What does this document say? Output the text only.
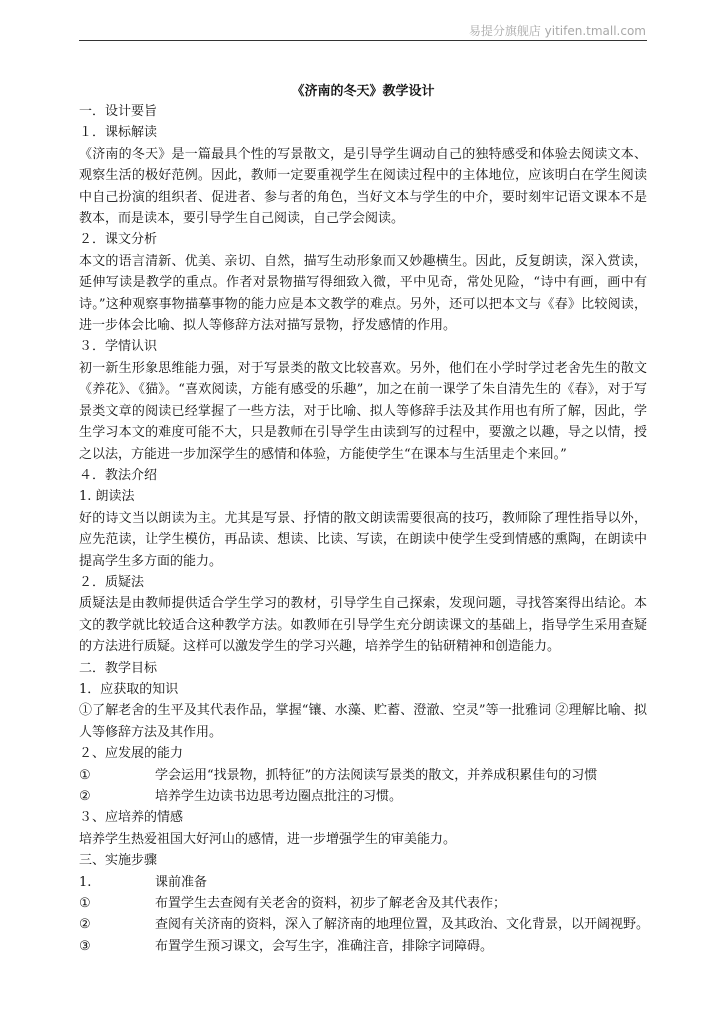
易提分旗舰店 yitifen.tmall.com
《济南的冬天》教学设计

一．设计要旨

１．课标解读

《济南的冬天》是一篇最具个性的写景散文，是引导学生调动自己的独特感受和体验去阅读文本、观察生活的极好范例。因此，教师一定要重视学生在阅读过程中的主体地位，应该明白在学生阅读中自己扮演的组织者、促进者、参与者的角色，当好文本与学生的中介，要时刻牢记语文课本不是教本，而是读本，要引导学生自己阅读，自己学会阅读。

２．课文分析

本文的语言清新、优美、亲切、自然，描写生动形象而又妙趣横生。因此，反复朗读，深入赏读，延伸写读是教学的重点。作者对景物描写得细致入微，平中见奇，常处见险，“诗中有画，画中有诗。”这种观察事物描摹事物的能力应是本文教学的难点。另外，还可以把本文与《春》比较阅读，进一步体会比喻、拟人等修辞方法对描写景物，抒发感情的作用。

３．学情认识

初一新生形象思维能力强，对于写景类的散文比较喜欢。另外，他们在小学时学过老舍先生的散文《养花》、《猫》。“喜欢阅读，方能有感受的乐趣”，加之在前一课学了朱自清先生的《春》，对于写景类文章的阅读已经掌握了一些方法，对于比喻、拟人等修辞手法及其作用也有所了解，因此，学生学习本文的难度可能不大，只是教师在引导学生由读到写的过程中，要激之以趣，导之以情，授之以法，方能进一步加深学生的感情和体验，方能使学生“在课本与生活里走个来回。”

４．教法介绍

1. 朗读法

好的诗文当以朗读为主。尤其是写景、抒情的散文朗读需要很高的技巧，教师除了理性指导以外，应先范读，让学生模仿，再品读、想读、比读、写读，在朗读中使学生受到情感的熏陶，在朗读中提高学生多方面的能力。

２．质疑法

质疑法是由教师提供适合学生学习的教材，引导学生自己探索，发现问题，寻找答案得出结论。本文的教学就比较适合这种教学方法。如教师在引导学生充分朗读课文的基础上，指导学生采用查疑的方法进行质疑。这样可以激发学生的学习兴趣，培养学生的钻研精神和创造能力。

二．教学目标

1．应获取的知识

①了解老舍的生平及其代表作品，掌握“镶、水藻、贮蓄、澄澈、空灵”等一批雅词 ②理解比喻、拟人等修辞方法及其作用。

２、应发展的能力

①	学会运用“找景物，抓特征”的方法阅读写景类的散文，并养成积累佳句的习惯
②	培养学生边读书边思考边圈点批注的习惯。

３、应培养的情感

培养学生热爱祖国大好河山的感情，进一步增强学生的审美能力。

三、实施步骤

1.	课前准备
①	布置学生去查阅有关老舍的资料，初步了解老舍及其代表作；
②	查阅有关济南的资料，深入了解济南的地理位置，及其政治、文化背景，以开阔视野。
③	布置学生预习课文，会写生字，准确注音，排除字词障碍。
